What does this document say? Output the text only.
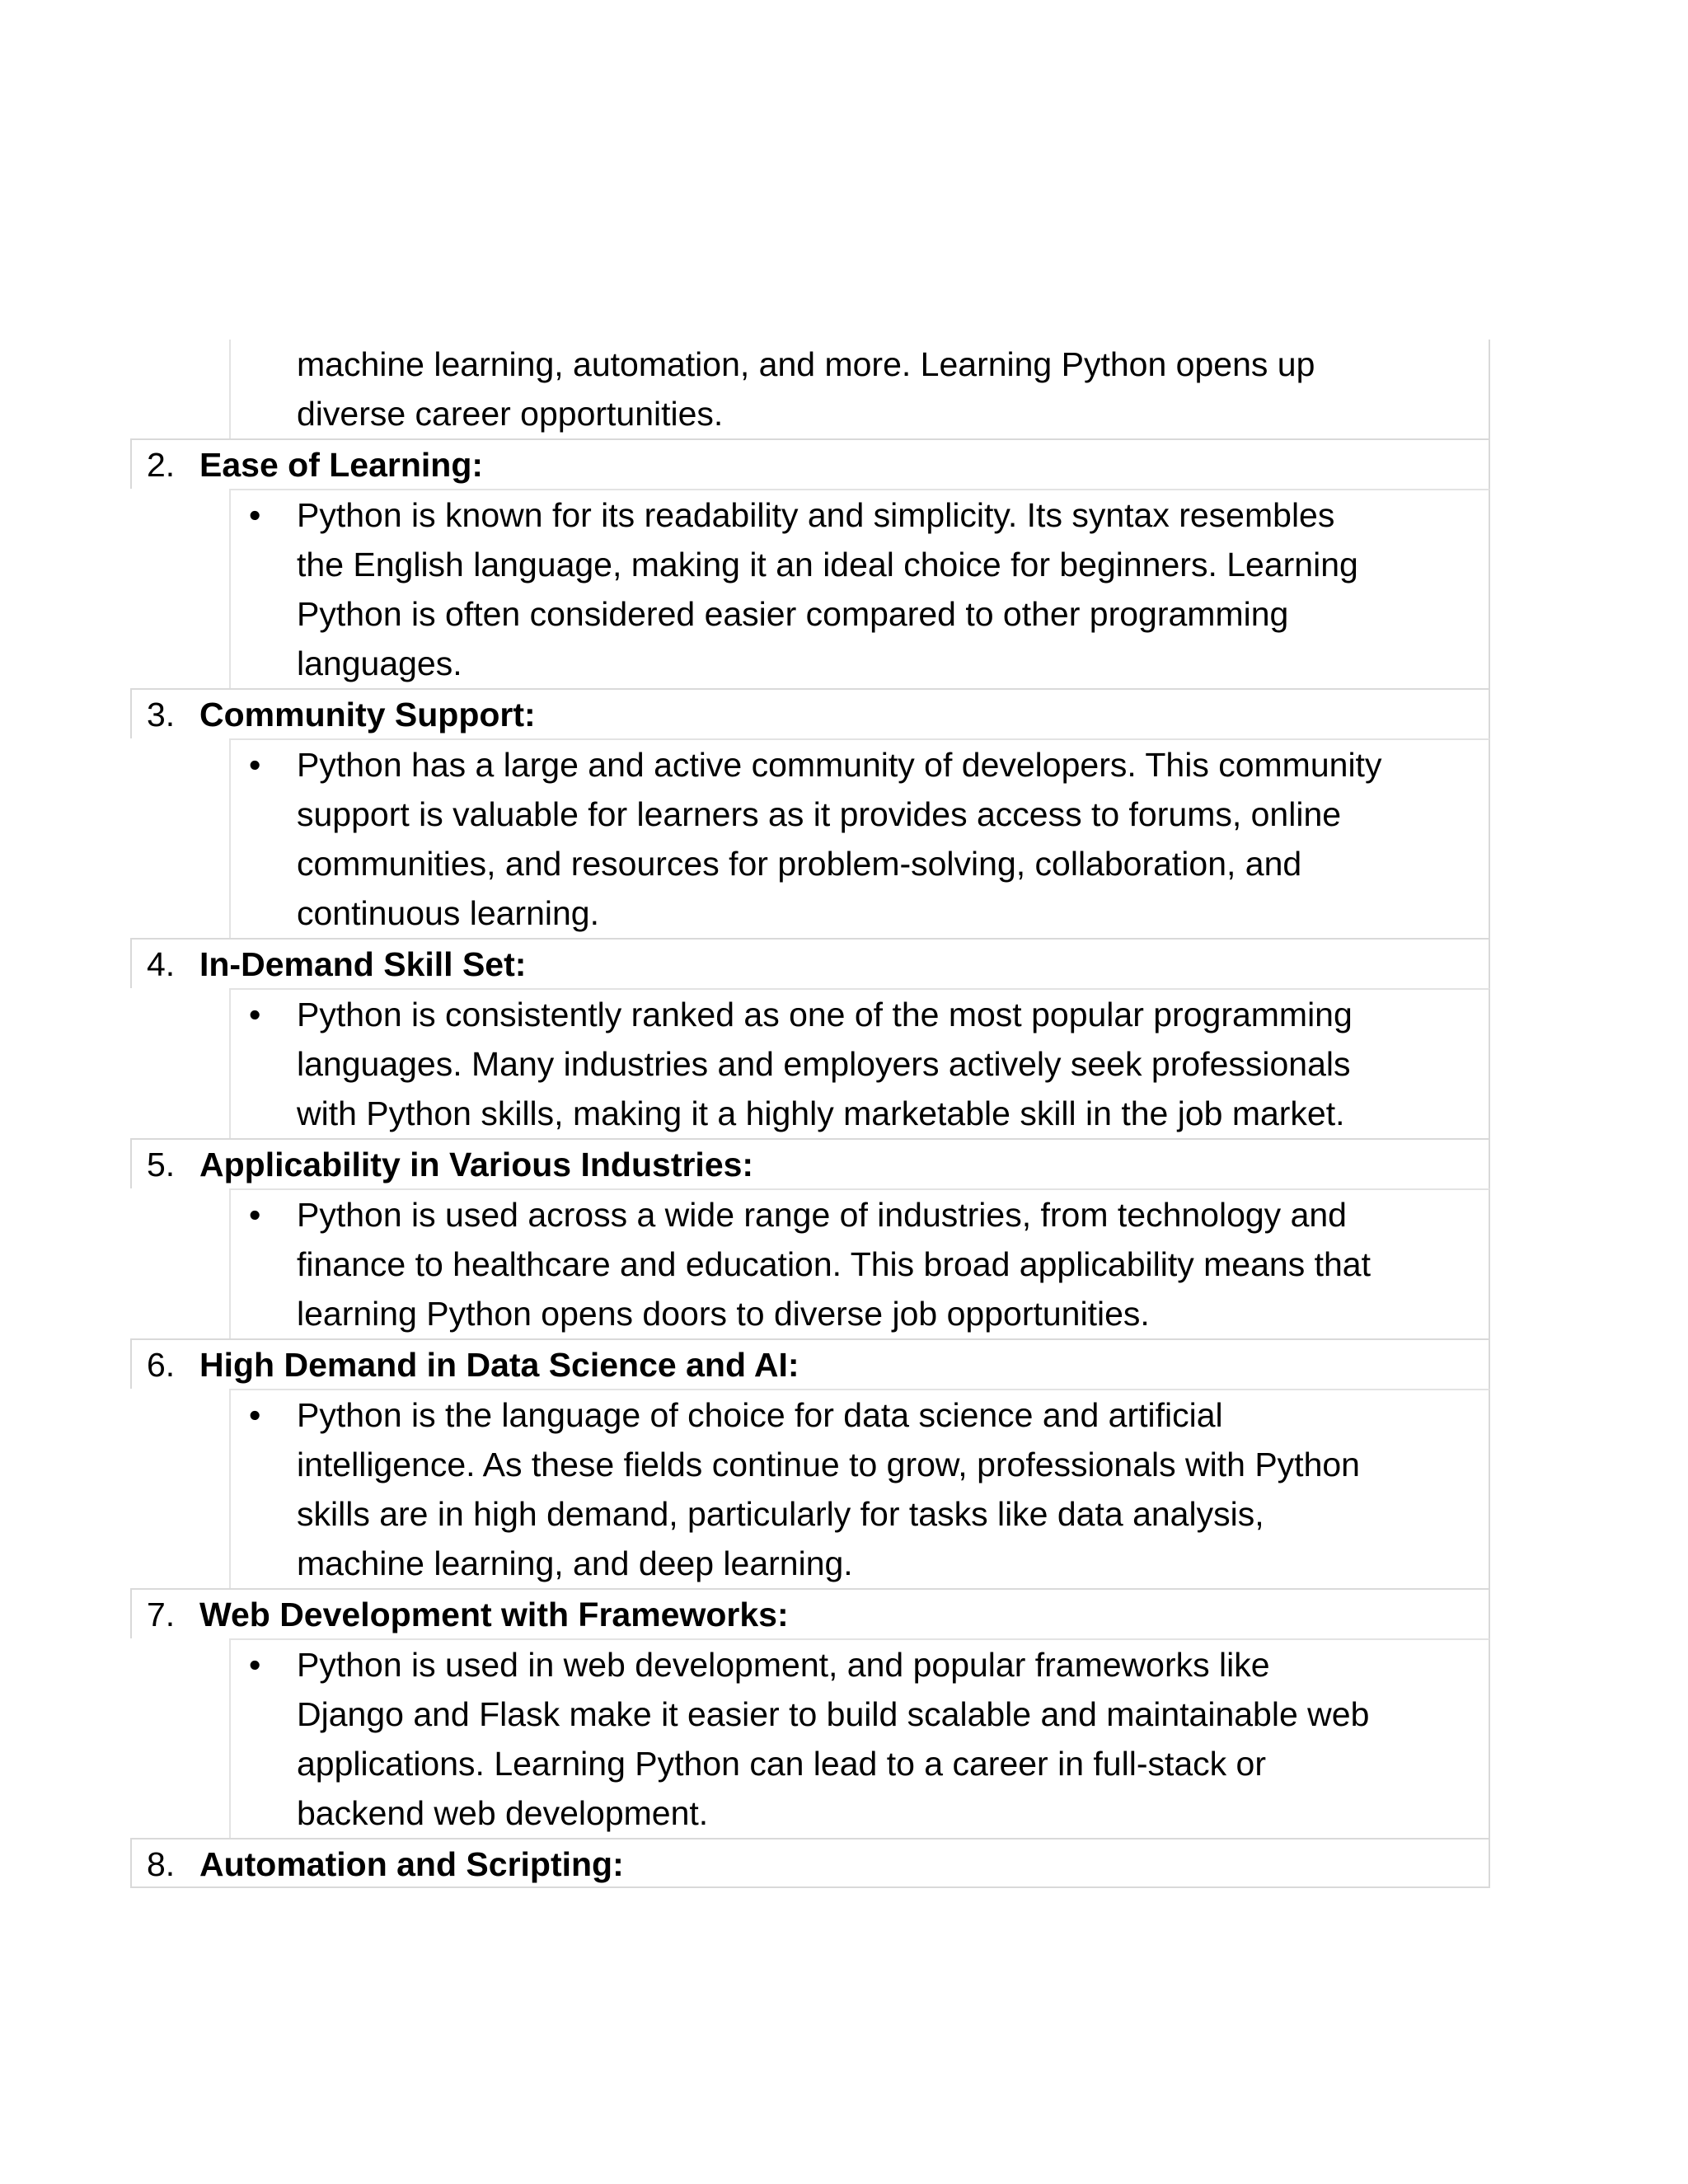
machine learning, automation, and more. Learning Python opens up
diverse career opportunities.
2. Ease of Learning:
• Python is known for its readability and simplicity. Its syntax resembles
the English language, making it an ideal choice for beginners. Learning
Python is often considered easier compared to other programming
languages.
3. Community Support:
• Python has a large and active community of developers. This community
support is valuable for learners as it provides access to forums, online
communities, and resources for problem-solving, collaboration, and
continuous learning.
4. In-Demand Skill Set:
• Python is consistently ranked as one of the most popular programming
languages. Many industries and employers actively seek professionals
with Python skills, making it a highly marketable skill in the job market.
5. Applicability in Various Industries:
• Python is used across a wide range of industries, from technology and
finance to healthcare and education. This broad applicability means that
learning Python opens doors to diverse job opportunities.
6. High Demand in Data Science and AI:
• Python is the language of choice for data science and artificial
intelligence. As these fields continue to grow, professionals with Python
skills are in high demand, particularly for tasks like data analysis,
machine learning, and deep learning.
7. Web Development with Frameworks:
• Python is used in web development, and popular frameworks like
Django and Flask make it easier to build scalable and maintainable web
applications. Learning Python can lead to a career in full-stack or
backend web development.
8. Automation and Scripting:
